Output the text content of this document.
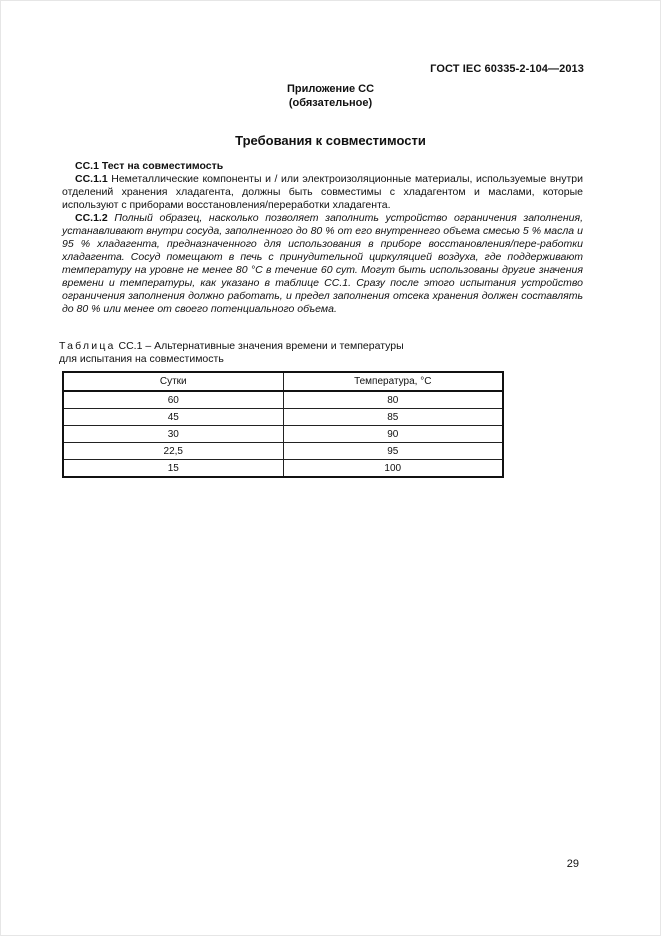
ГОСТ IEC 60335-2-104—2013
Приложение СС
(обязательное)
Требования к совместимости

СС.1 Тест на совместимость

СС.1.1 Неметаллические компоненты и / или электроизоляционные материалы, используемые внутри отделений хранения хладагента, должны быть совместимы с хладагентом и маслами, которые используют с приборами восстановления/переработки хладагента.

СС.1.2 Полный образец, насколько позволяет заполнить устройство ограничения заполнения, устанавливают внутри сосуда, заполненного до 80 % от его внутреннего объема смесью 5 % масла и 95 % хладагента, предназначенного для использования в приборе восстановления/пере-работки хладагента. Сосуд помещают в печь с принудительной циркуляцией воздуха, где поддерживают температуру на уровне не менее 80 °С в течение 60 сут. Могут быть использованы другие значения времени и температуры, как указано в таблице СС.1. Сразу после этого испытания устройство ограничения заполнения должно работать, и предел заполнения отсека хранения должен составлять до 80 % или менее от своего потенциального объема.

Таблица СС.1 – Альтернативные значения времени и температуры
для испытания на совместимость
Сутки	Температура, °С
60	80
45	85
30	90
22,5	95
15	100
29
